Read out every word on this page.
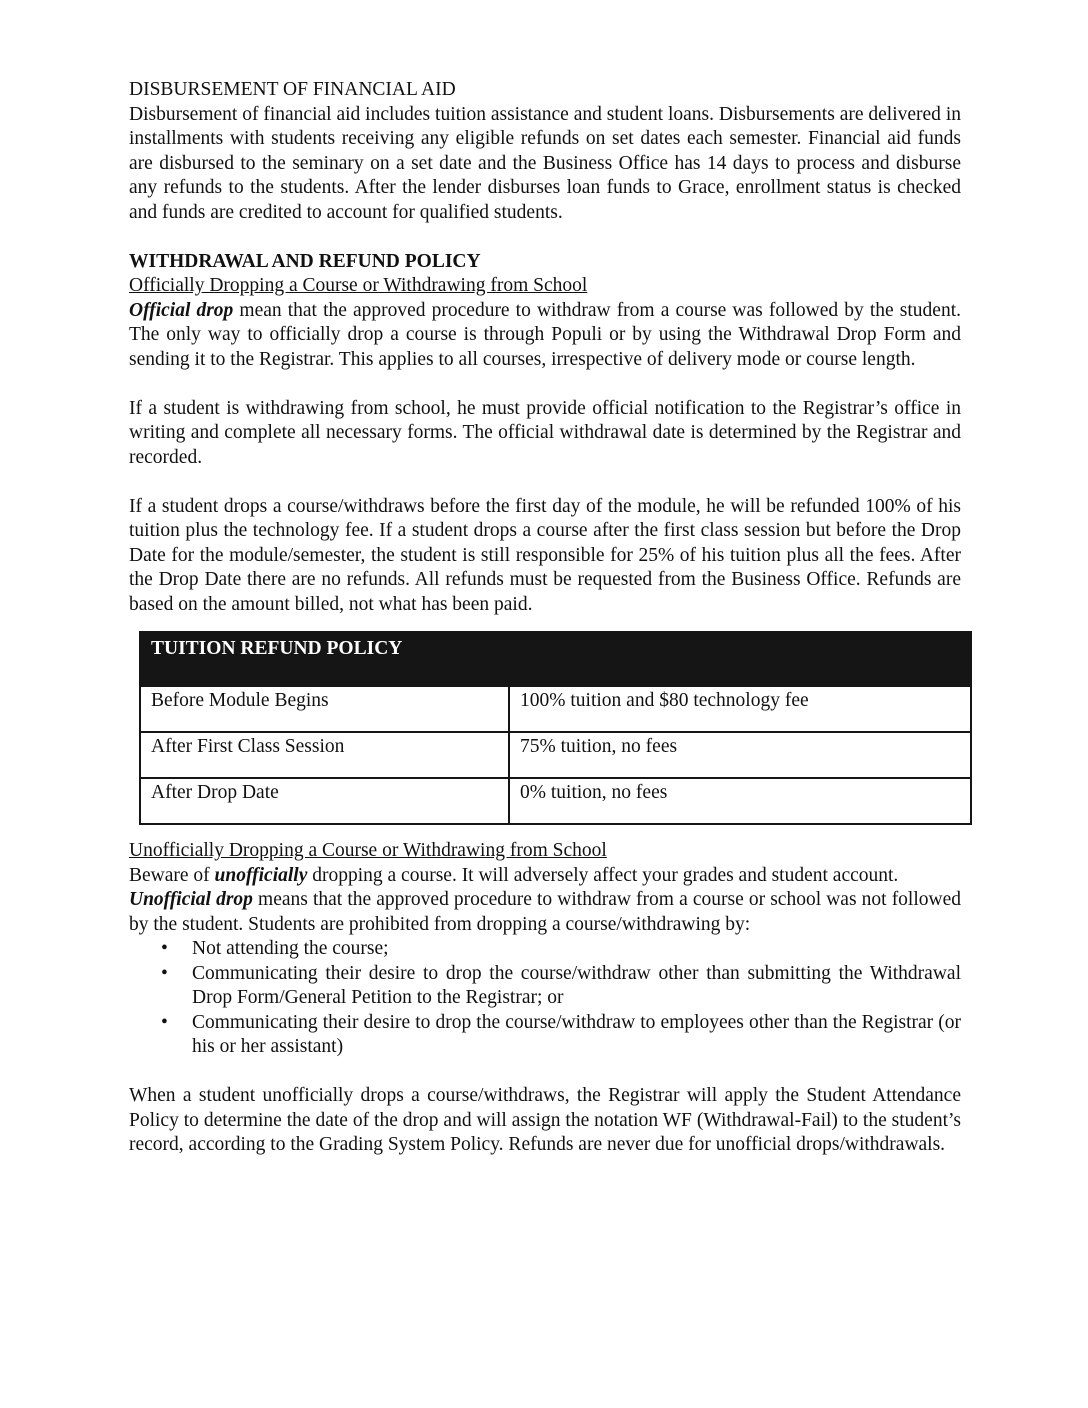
DISBURSEMENT OF FINANCIAL AID

Disbursement of financial aid includes tuition assistance and student loans. Disbursements are delivered in installments with students receiving any eligible refunds on set dates each semester. Financial aid funds are disbursed to the seminary on a set date and the Business Office has 14 days to process and disburse any refunds to the students. After the lender disburses loan funds to Grace, enrollment status is checked and funds are credited to account for qualified students.

WITHDRAWAL AND REFUND POLICY
Officially Dropping a Course or Withdrawing from School

Official drop mean that the approved procedure to withdraw from a course was followed by the student. The only way to officially drop a course is through Populi or by using the Withdrawal Drop Form and sending it to the Registrar. This applies to all courses, irrespective of delivery mode or course length.

If a student is withdrawing from school, he must provide official notification to the Registrar’s office in writing and complete all necessary forms. The official withdrawal date is determined by the Registrar and recorded.

If a student drops a course/withdraws before the first day of the module, he will be refunded 100% of his tuition plus the technology fee. If a student drops a course after the first class session but before the Drop Date for the module/semester, the student is still responsible for 25% of his tuition plus all the fees. After the Drop Date there are no refunds. All refunds must be requested from the Business Office. Refunds are based on the amount billed, not what has been paid.

TUITION REFUND POLICY	
Before Module Begins	100% tuition and $80 technology fee
After First Class Session	75% tuition, no fees
After Drop Date	0% tuition, no fees
Unofficially Dropping a Course or Withdrawing from School

Beware of unofficially dropping a course. It will adversely affect your grades and student account.

Unofficial drop means that the approved procedure to withdraw from a course or school was not followed by the student. Students are prohibited from dropping a course/withdrawing by:

• Not attending the course;
• Communicating their desire to drop the course/withdraw other than submitting the Withdrawal Drop Form/General Petition to the Registrar; or
• Communicating their desire to drop the course/withdraw to employees other than the Registrar (or his or her assistant)

When a student unofficially drops a course/withdraws, the Registrar will apply the Student Attendance Policy to determine the date of the drop and will assign the notation WF (Withdrawal-Fail) to the student’s record, according to the Grading System Policy. Refunds are never due for unofficial drops/withdrawals.
